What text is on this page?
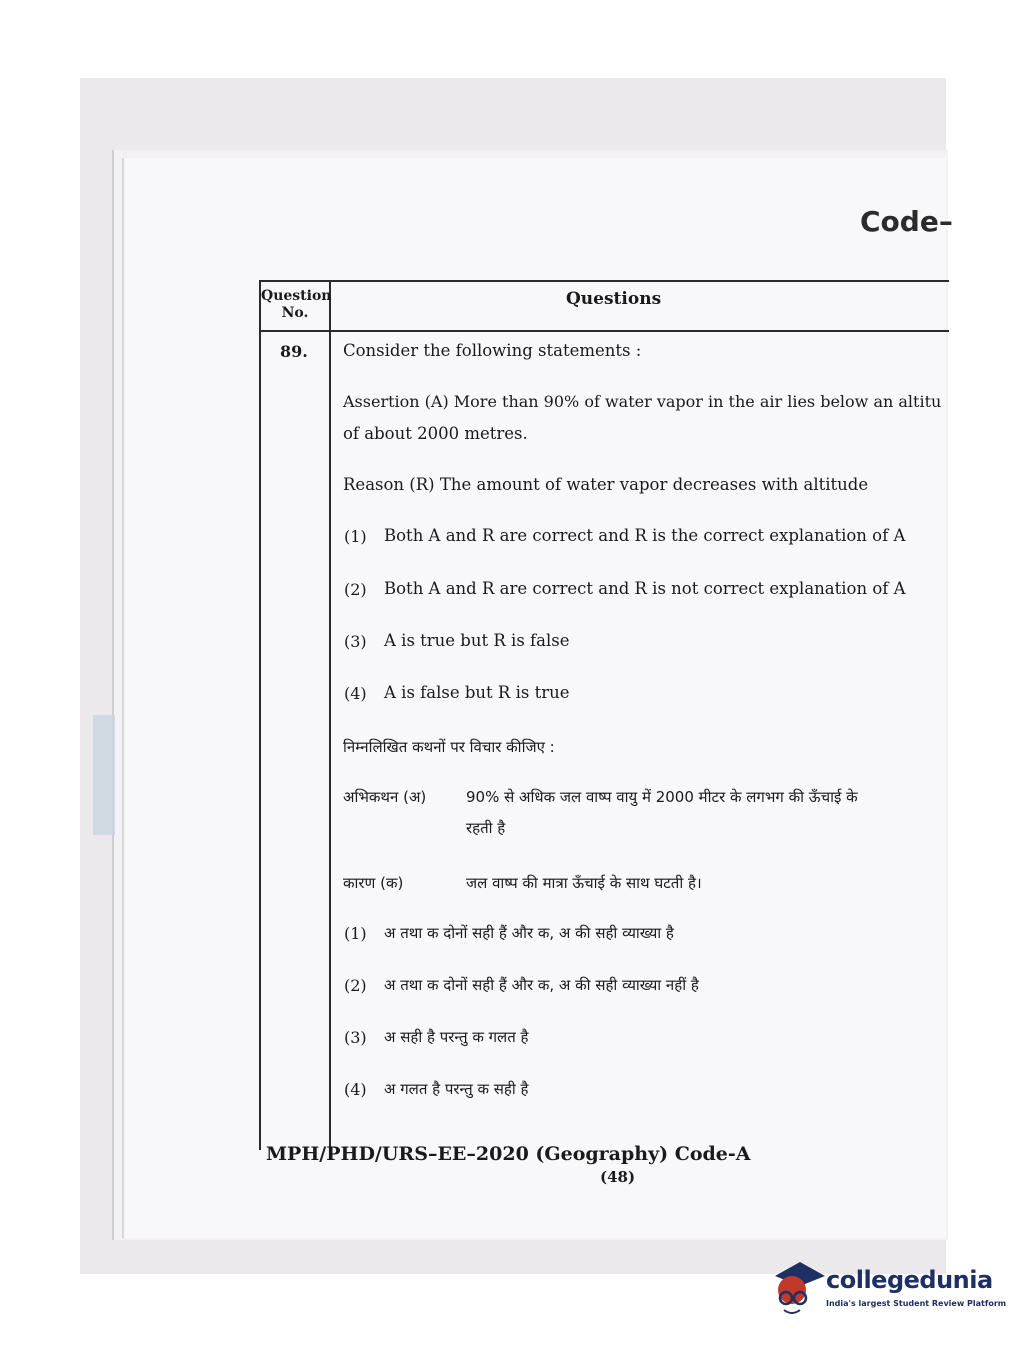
Code–
Question
No.
Questions
89. Consider the following statements :
Assertion (A) More than 90% of water vapor in the air lies below an altitu
of about 2000 metres.
Reason (R) The amount of water vapor decreases with altitude
(1) Both A and R are correct and R is the correct explanation of A
(2) Both A and R are correct and R is not correct explanation of A
(3) A is true but R is false
(4) A is false but R is true
निम्नलिखित कथनों पर विचार कीजिए :
अभिकथन (अ)	90% से अधिक जल वाष्प वायु में 2000 मीटर के लगभग की ऊँचाई के
रहती है
कारण (क)	जल वाष्प की मात्रा ऊँचाई के साथ घटती है।
(1) अ तथा क दोनों सही हैं और क, अ की सही व्याख्या है
(2) अ तथा क दोनों सही हैं और क, अ की सही व्याख्या नहीं है
(3) अ सही है परन्तु क गलत है
(4) अ गलत है परन्तु क सही है
MPH/PHD/URS–EE–2020 (Geography) Code-A
(48)
collegedunia
India's largest Student Review Platform
